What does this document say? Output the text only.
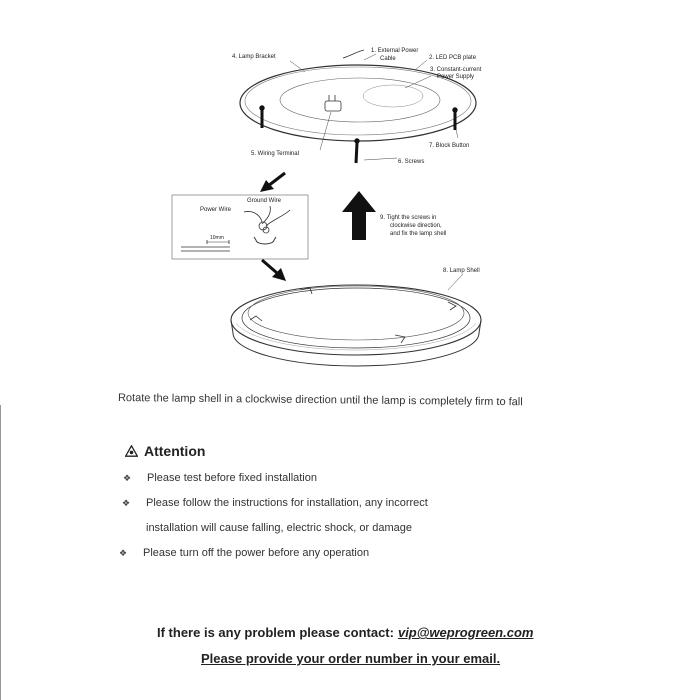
4. Lamp Bracket
1. External Power
Cable	2. LED PCB plate
3. Constant-current
Power Supply
5. Wiring Terminal
7. Block Button
6. Screws
Ground Wire
Power Wire
10mm
9. Tight the screws in
clockwise direction,
and fix the lamp shell
8. Lamp Shell
Rotate the lamp shell in a clockwise direction until the lamp is completely firm to fall
Attention
❖	Please test before fixed installation
❖	Please follow the instructions for installation, any incorrect
installation will cause falling, electric shock, or damage
❖	Please turn off the power before any operation
If there is any problem please contact: vip@weprogreen.com
Please provide your order number in your email.
